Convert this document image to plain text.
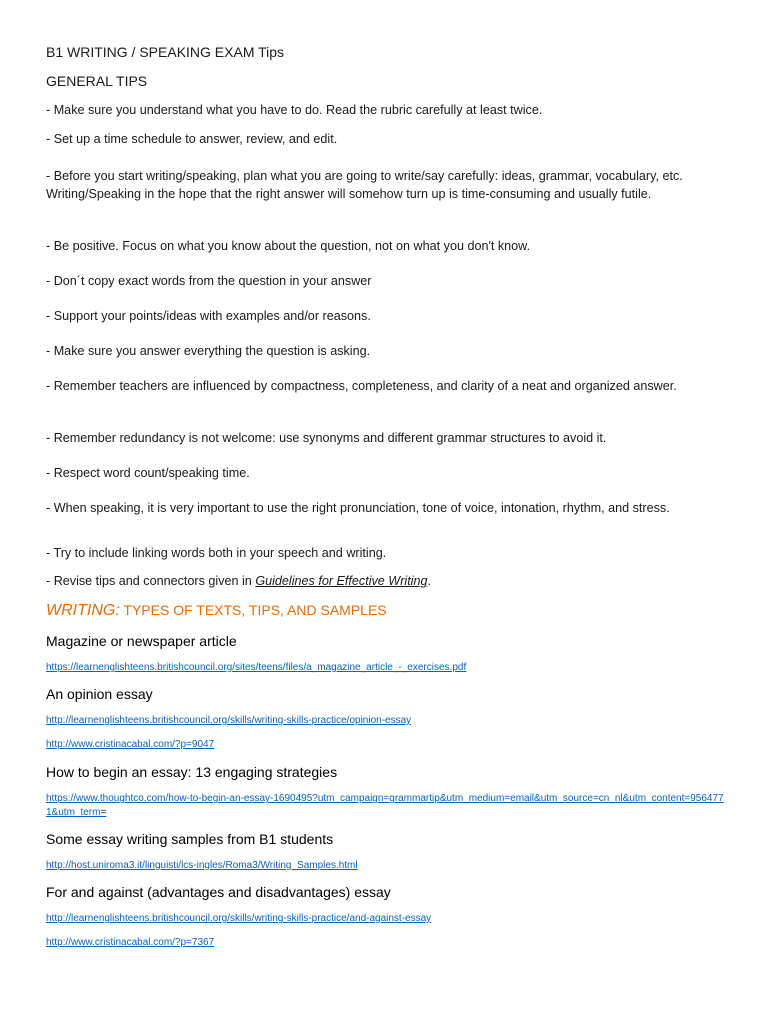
B1 WRITING / SPEAKING EXAM Tips
GENERAL TIPS

- Make sure you understand what you have to do. Read the rubric carefully at least twice.

- Set up a time schedule to answer, review, and edit.

- Before you start writing/speaking, plan what you are going to write/say carefully: ideas, grammar, vocabulary, etc. Writing/Speaking in the hope that the right answer will somehow turn up is time-consuming and usually futile.

- Be positive. Focus on what you know about the question, not on what you don't know.

- Don´t copy exact words from the question in your answer

- Support your points/ideas with examples and/or reasons.

- Make sure you answer everything the question is asking.

- Remember teachers are influenced by compactness, completeness, and clarity of a neat and organized answer.

- Remember redundancy is not welcome: use synonyms and different grammar structures to avoid it.

- Respect word count/speaking time.

- When speaking, it is very important to use the right pronunciation, tone of voice, intonation, rhythm, and stress.

- Try to include linking words both in your speech and writing.

- Revise tips and connectors given in Guidelines for Effective Writing.

WRITING: TYPES OF TEXTS, TIPS, AND SAMPLES
Magazine or newspaper article
https://learnenglishteens.britishcouncil.org/sites/teens/files/a_magazine_article_-_exercises.pdf
An opinion essay
http://learnenglishteens.britishcouncil.org/skills/writing-skills-practice/opinion-essay
http://www.cristinacabal.com/?p=9047
How to begin an essay: 13 engaging strategies
https://www.thoughtco.com/how-to-begin-an-essay-1690495?utm_campaign=grammartip&utm_medium=email&utm_source=cn_nl&utm_content=9564771&utm_term=
Some essay writing samples from B1 students
http://host.uniroma3.it/linguisti/lcs-ingles/Roma3/Writing_Samples.html
For and against (advantages and disadvantages) essay
http://learnenglishteens.britishcouncil.org/skills/writing-skills-practice/and-against-essay
http://www.cristinacabal.com/?p=7367
